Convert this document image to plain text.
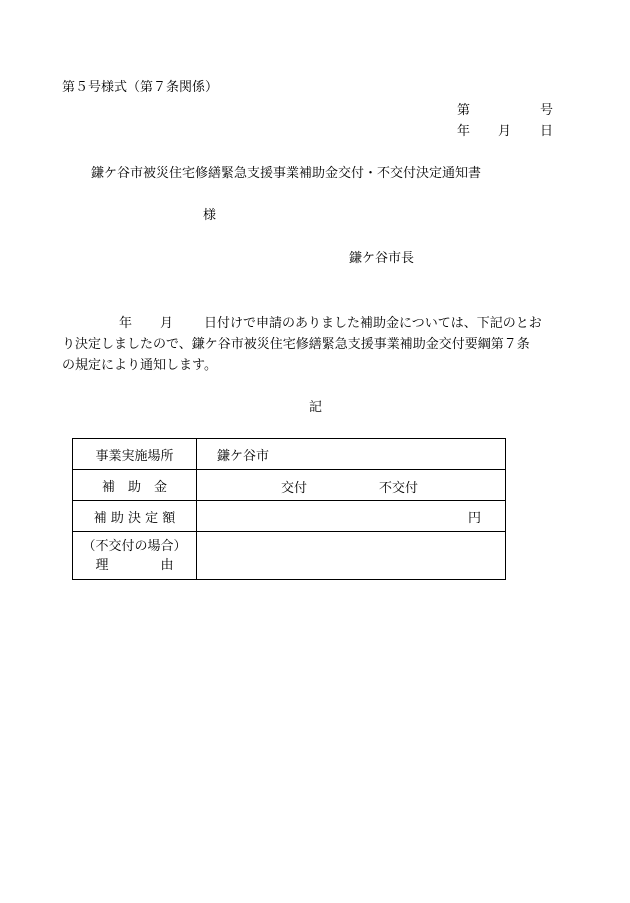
第５号様式（第７条関係）
第	号
年 月 日
鎌ケ谷市被災住宅修繕緊急支援事業補助金交付・不交付決定通知書
様
鎌ケ谷市長
年 月 日付けで申請のありました補助金については、下記のとお
り決定しましたので、鎌ケ谷市被災住宅修繕緊急支援事業補助金交付要綱第７条
の規定により通知します。
記
事業実施場所	鎌ケ谷市
補　助　金	交付 不交付

補 助 決 定 額	円

（不交付の場合）
理　　　　由	
